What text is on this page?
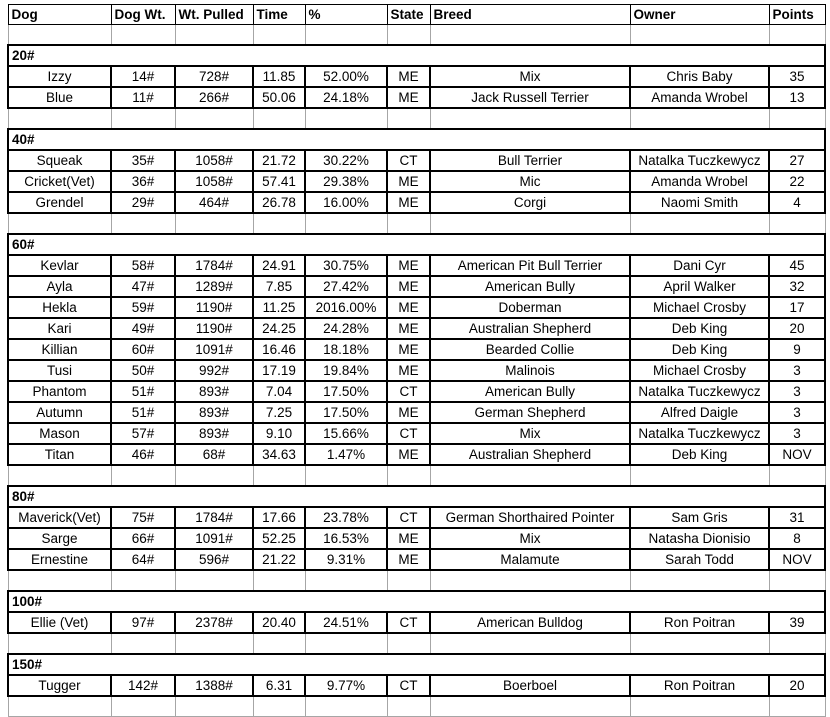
Dog	Dog Wt.	Wt. Pulled	Time	%	State	Breed	Owner	Points

20#								
Izzy	14#	728#	11.85	52.00%	ME	Mix	Chris Baby	35
Blue	11#	266#	50.06	24.18%	ME	Jack Russell Terrier	Amanda Wrobel	13

40#								
Squeak	35#	1058#	21.72	30.22%	CT	Bull Terrier	Natalka Tuczkewycz	27
Cricket(Vet)	36#	1058#	57.41	29.38%	ME	Mic	Amanda Wrobel	22
Grendel	29#	464#	26.78	16.00%	ME	Corgi	Naomi Smith	4

60#								
Kevlar	58#	1784#	24.91	30.75%	ME	American Pit Bull Terrier	Dani Cyr	45
Ayla	47#	1289#	7.85	27.42%	ME	American Bully	April Walker	32
Hekla	59#	1190#	11.25	2016.00%	ME	Doberman	Michael Crosby	17
Kari	49#	1190#	24.25	24.28%	ME	Australian Shepherd	Deb King	20
Killian	60#	1091#	16.46	18.18%	ME	Bearded Collie	Deb King	9
Tusi	50#	992#	17.19	19.84%	ME	Malinois	Michael Crosby	3
Phantom	51#	893#	7.04	17.50%	CT	American Bully	Natalka Tuczkewycz	3
Autumn	51#	893#	7.25	17.50%	ME	German Shepherd	Alfred Daigle	3
Mason	57#	893#	9.10	15.66%	CT	Mix	Natalka Tuczkewycz	3
Titan	46#	68#	34.63	1.47%	ME	Australian Shepherd	Deb King	NOV

80#								
Maverick(Vet)	75#	1784#	17.66	23.78%	CT	German Shorthaired Pointer	Sam Gris	31
Sarge	66#	1091#	52.25	16.53%	ME	Mix	Natasha Dionisio	8
Ernestine	64#	596#	21.22	9.31%	ME	Malamute	Sarah Todd	NOV

100#								
Ellie (Vet)	97#	2378#	20.40	24.51%	CT	American Bulldog	Ron Poitran	39

150#								
Tugger	142#	1388#	6.31	9.77%	CT	Boerboel	Ron Poitran	20
